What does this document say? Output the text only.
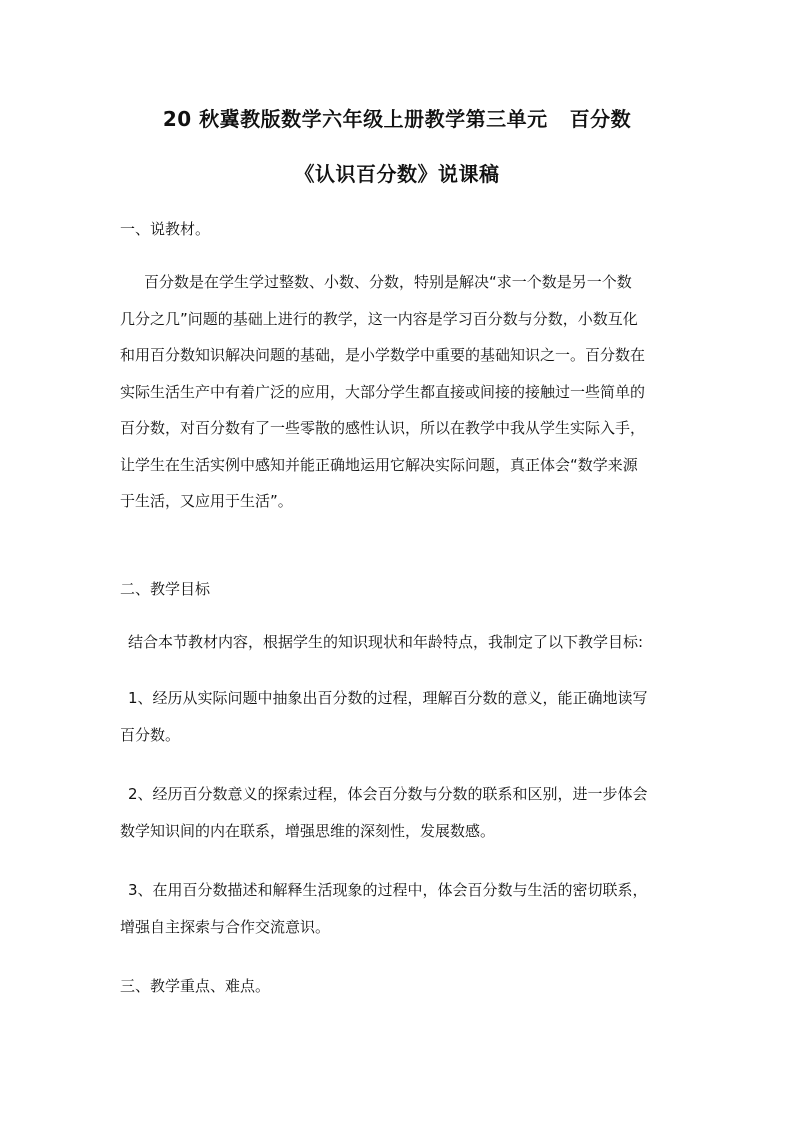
20 秋冀教版数学六年级上册教学第三单元 百分数
《认识百分数》说课稿
一、说教材。
百分数是在学生学过整数、小数、分数，特别是解决“求一个数是另一个数
几分之几”问题的基础上进行的教学，这一内容是学习百分数与分数，小数互化
和用百分数知识解决问题的基础，是小学数学中重要的基础知识之一。百分数在
实际生活生产中有着广泛的应用，大部分学生都直接或间接的接触过一些简单的
百分数，对百分数有了一些零散的感性认识，所以在教学中我从学生实际入手，
让学生在生活实例中感知并能正确地运用它解决实际问题，真正体会“数学来源
于生活，又应用于生活”。
二、教学目标
结合本节教材内容，根据学生的知识现状和年龄特点，我制定了以下教学目标:
1、经历从实际问题中抽象出百分数的过程，理解百分数的意义，能正确地读写
百分数。
2、经历百分数意义的探索过程，体会百分数与分数的联系和区别，进一步体会
数学知识间的内在联系，增强思维的深刻性，发展数感。
3、在用百分数描述和解释生活现象的过程中，体会百分数与生活的密切联系，
增强自主探索与合作交流意识。
三、教学重点、难点。
